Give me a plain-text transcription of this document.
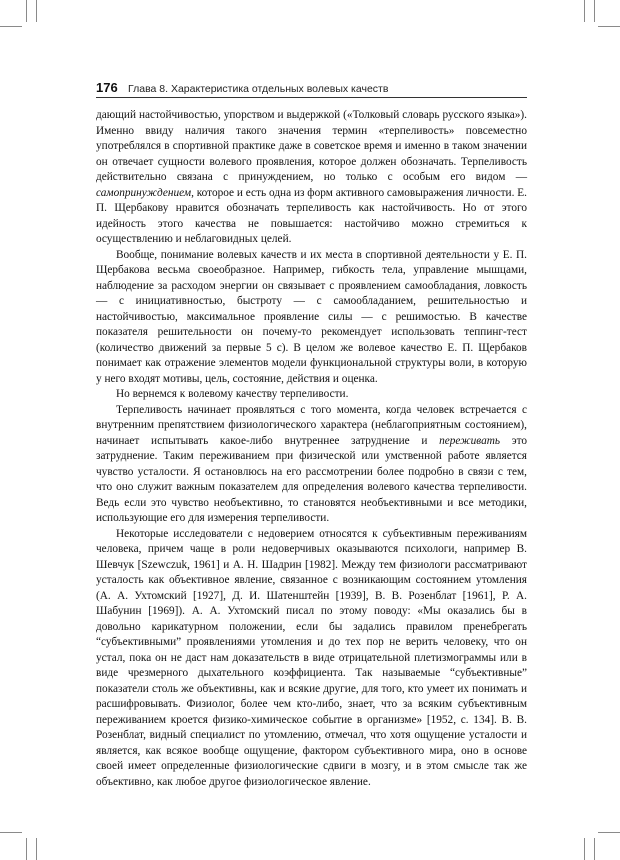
176 Глава 8. Характеристика отдельных волевых качеств

дающий настойчивостью, упорством и выдержкой («Толковый словарь русского языка»). Именно ввиду наличия такого значения термин «терпеливость» повсеместно употреблялся в спортивной практике даже в советское время и именно в таком значении он отвечает сущности волевого проявления, которое должен обозначать. Терпеливость действительно связана с принуждением, но только с особым его видом — самопринуждением, которое и есть одна из форм активного самовыражения личности. Е. П. Щербакову нравится обозначать терпеливость как настойчивость. Но от этого идейность этого качества не повышается: настойчиво можно стремиться к осуществлению и неблаговидных целей.

Вообще, понимание волевых качеств и их места в спортивной деятельности у Е. П. Щербакова весьма своеобразное. Например, гибкость тела, управление мышцами, наблюдение за расходом энергии он связывает с проявлением самообладания, ловкость — с инициативностью, быстроту — с самообладанием, решительностью и настойчивостью, максимальное проявление силы — с решимостью. В качестве показателя решительности он почему-то рекомендует использовать теппинг-тест (количество движений за первые 5 с). В целом же волевое качество Е. П. Щербаков понимает как отражение элементов модели функциональной структуры воли, в которую у него входят мотивы, цель, состояние, действия и оценка.

Но вернемся к волевому качеству терпеливости.

Терпеливость начинает проявляться с того момента, когда человек встречается с внутренним препятствием физиологического характера (неблагоприятным состоянием), начинает испытывать какое-либо внутреннее затруднение и переживать это затруднение. Таким переживанием при физической или умственной работе является чувство усталости. Я остановлюсь на его рассмотрении более подробно в связи с тем, что оно служит важным показателем для определения волевого качества терпеливости. Ведь если это чувство необъективно, то становятся необъективными и все методики, использующие его для измерения терпеливости.

Некоторые исследователи с недоверием относятся к субъективным переживаниям человека, причем чаще в роли недоверчивых оказываются психологи, например В. Шевчук [Szewczuk, 1961] и А. Н. Шадрин [1982]. Между тем физиологи рассматривают усталость как объективное явление, связанное с возникающим состоянием утомления (А. А. Ухтомский [1927], Д. И. Шатенштейн [1939], В. В. Розенблат [1961], Р. А. Шабунин [1969]). А. А. Ухтомский писал по этому поводу: «Мы оказались бы в довольно карикатурном положении, если бы задались правилом пренебрегать “субъективными” проявлениями утомления и до тех пор не верить человеку, что он устал, пока он не даст нам доказательств в виде отрицательной плетизмограммы или в виде чрезмерного дыхательного коэффициента. Так называемые “субъективные” показатели столь же объективны, как и всякие другие, для того, кто умеет их понимать и расшифровывать. Физиолог, более чем кто-либо, знает, что за всяким субъективным переживанием кроется физико-химическое событие в организме» [1952, с. 134]. В. В. Розенблат, видный специалист по утомлению, отмечал, что хотя ощущение усталости и является, как всякое вообще ощущение, фактором субъективного мира, оно в основе своей имеет определенные физиологические сдвиги в мозгу, и в этом смысле так же объективно, как любое другое физиологическое явление.
